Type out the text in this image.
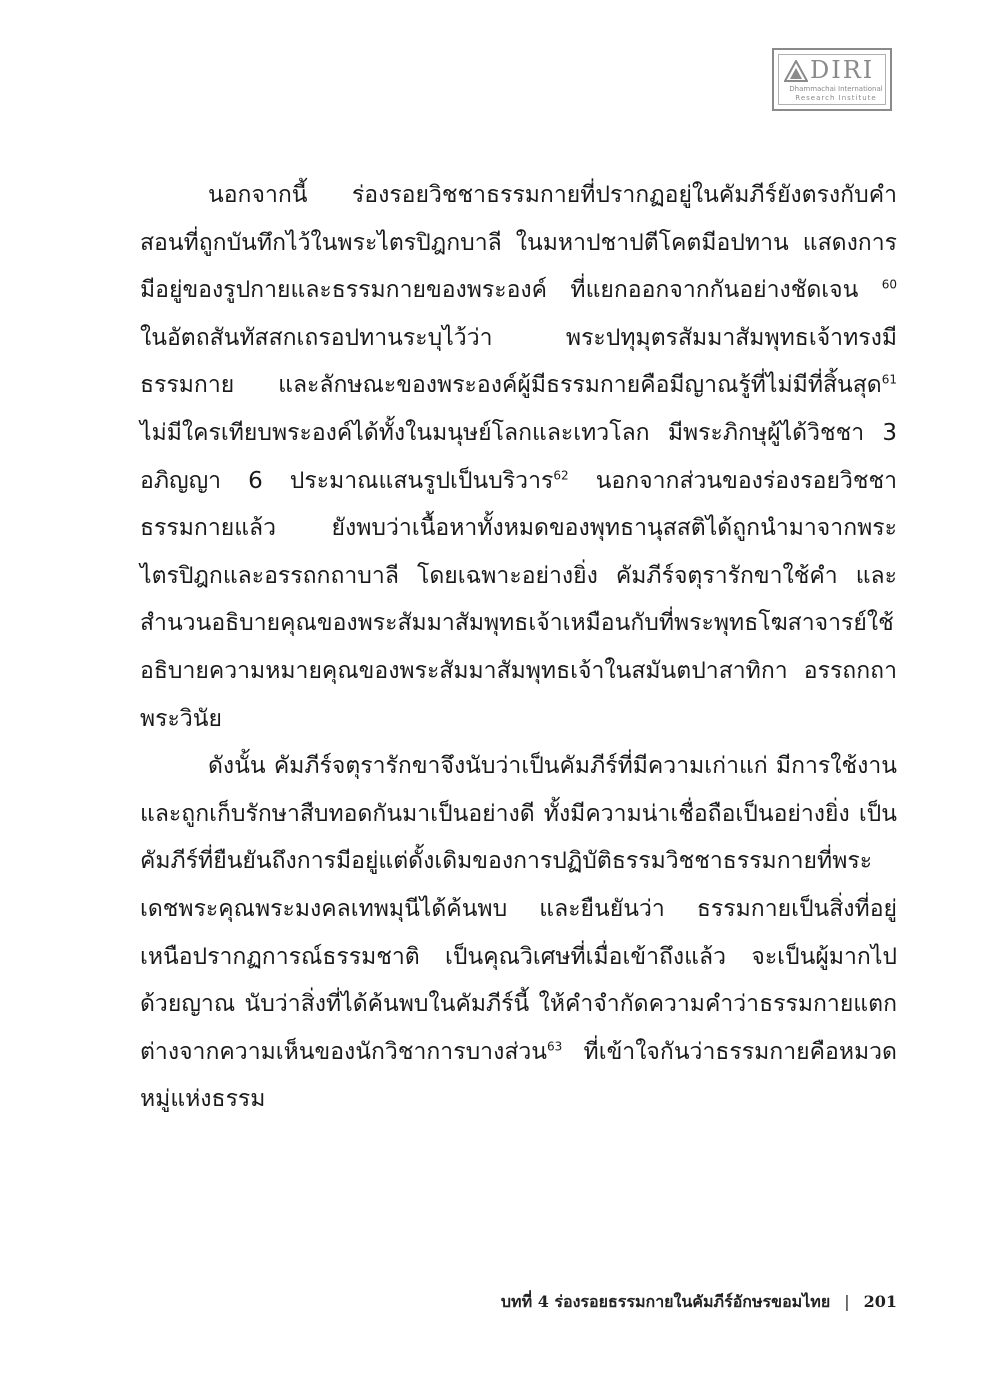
DIRI
Dhammachai International
Research Institute

นอกจากนี้ ร่องรอยวิชชาธรรมกายที่ปรากฏอยู่ในคัมภีร์ยังตรงกับคำสอนที่ถูกบันทึกไว้ในพระไตรปิฎกบาลี ในมหาปชาปตีโคตมีอปทาน แสดงการมีอยู่ของรูปกายและธรรมกายของพระองค์ ที่แยกออกจากกันอย่างชัดเจน $^{60}$ ในอัตถสันทัสสกเถรอปทานระบุไว้ว่า พระปทุมุตรสัมมาสัมพุทธเจ้าทรงมีธรรมกาย และลักษณะของพระองค์ผู้มีธรรมกายคือมีญาณรู้ที่ไม่มีที่สิ้นสุด$^{61}$ ไม่มีใครเทียบพระองค์ได้ทั้งในมนุษย์โลกและเทวโลก มีพระภิกษุผู้ได้วิชชา 3 อภิญญา 6 ประมาณแสนรูปเป็นบริวาร$^{62}$ นอกจากส่วนของร่องรอยวิชชาธรรมกายแล้ว ยังพบว่าเนื้อหาทั้งหมดของพุทธานุสสติได้ถูกนำมาจากพระไตรปิฎกและอรรถกถาบาลี โดยเฉพาะอย่างยิ่ง คัมภีร์จตุรารักขาใช้คำ และสำนวนอธิบายคุณของพระสัมมาสัมพุทธเจ้าเหมือนกับที่พระพุทธโฆสาจารย์ใช้อธิบายความหมายคุณของพระสัมมาสัมพุทธเจ้าในสมันตปาสาทิกา อรรถกถาพระวินัย

ดังนั้น คัมภีร์จตุรารักขาจึงนับว่าเป็นคัมภีร์ที่มีความเก่าแก่ มีการใช้งานและถูกเก็บรักษาสืบทอดกันมาเป็นอย่างดี ทั้งมีความน่าเชื่อถือเป็นอย่างยิ่ง เป็นคัมภีร์ที่ยืนยันถึงการมีอยู่แต่ดั้งเดิมของการปฏิบัติธรรมวิชชาธรรมกายที่พระเดชพระคุณพระมงคลเทพมุนีได้ค้นพบ และยืนยันว่า ธรรมกายเป็นสิ่งที่อยู่เหนือปรากฏการณ์ธรรมชาติ เป็นคุณวิเศษที่เมื่อเข้าถึงแล้ว จะเป็นผู้มากไปด้วยญาณ นับว่าสิ่งที่ได้ค้นพบในคัมภีร์นี้ ให้คำจำกัดความคำว่าธรรมกายแตกต่างจากความเห็นของนักวิชาการบางส่วน$^{63}$ ที่เข้าใจกันว่าธรรมกายคือหมวดหมู่แห่งธรรม

บทที่ 4 ร่องรอยธรรมกายในคัมภีร์อักษรขอมไทย | 201
